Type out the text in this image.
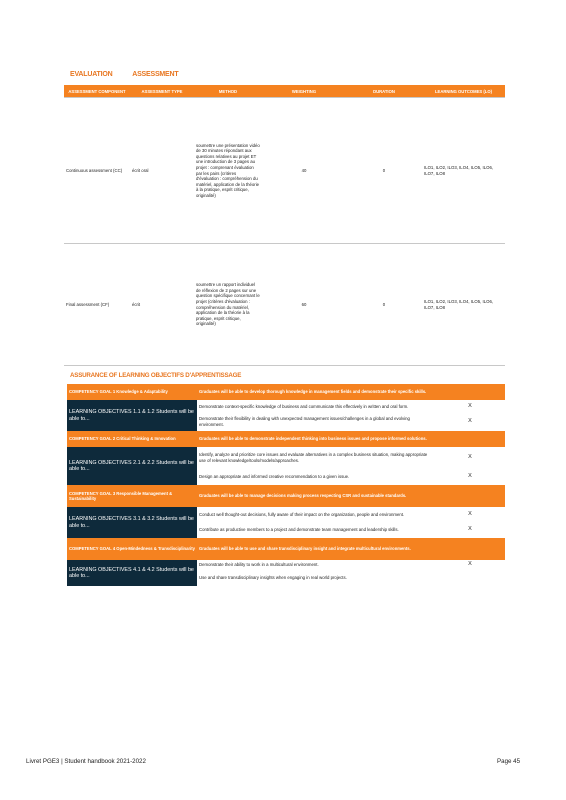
EVALUATION	ASSESSMENT
ASSESSMENT COMPONENT	ASSESSMENT TYPE	METHOD	WEIGHTING	DURATION	LEARNING OUTCOMES (LO)
Continuous assessment (CC)	écrit oral	soumettre une présentation vidéo de 30 minutes répondant aux questions relatives au projet ET une introduction de 3 pages au projet : comprenant évaluation par les pairs (critères d'évaluation : compréhension du matériel, application de la théorie à la pratique, esprit critique, originalité)	40	0	ILO1, ILO2, ILO3, ILO4, ILO5, ILO6, ILO7, ILO8
Final assessment (CF)	écrit	soumettre un rapport individuel de réflexion de 2 pages sur une question spécifique concernant le projet (critères d'évaluation : compréhension du matériel, application de la théorie à la pratique, esprit critique, originalité)	60	0	ILO1, ILO2, ILO3, ILO4, ILO5, ILO6, ILO7, ILO8
ASSURANCE OF LEARNING OBJECTIFS D'APPRENTISSAGE
COMPETENCY GOAL 1 Knowledge & Adaptability	Graduates will be able to develop thorough knowledge in management fields and demonstrate their specific skills.	
LEARNING OBJECTIVES 1.1 & 1.2 Students will be able to...	Demonstrate context-specific knowledge of business and communicate this effectively in written and oral form.	X
	Demonstrate their flexibility in dealing with unexpected management issues/challenges in a global and evolving environment.	X
COMPETENCY GOAL 2 Critical Thinking & Innovation	Graduates will be able to demonstrate independent thinking into business issues and propose informed solutions.	
LEARNING OBJECTIVES 2.1 & 2.2 Students will be able to...	Identify, analyze and prioritize core issues and evaluate alternatives in a complex business situation, making appropriate use of relevant knowledge/tools/models/approaches.	X
	Design an appropriate and informed creative recommendation to a given issue.	X
COMPETENCY GOAL 3 Responsible Management & Sustainability	Graduates will be able to manage decisions making process respecting CSR and sustainable standards.	
LEARNING OBJECTIVES 3.1 & 3.2 Students will be able to...	Conduct well thought-out decisions, fully aware of their impact on the organization, people and environment.	X
	Contribute as productive members to a project and demonstrate team management and leadership skills.	X
COMPETENCY GOAL 4 Open-Mindedness & Transdisciplinarity	Graduates will be able to use and share transdisciplinary insight and integrate multicultural environments.	
LEARNING OBJECTIVES 4.1 & 4.2 Students will be able to...	Demonstrate their ability to work in a multicultural environment.	X
	Use and share transdisciplinary insights when engaging in real world projects.	
Livret PGE3 | Student handbook 2021-2022	Page 45
